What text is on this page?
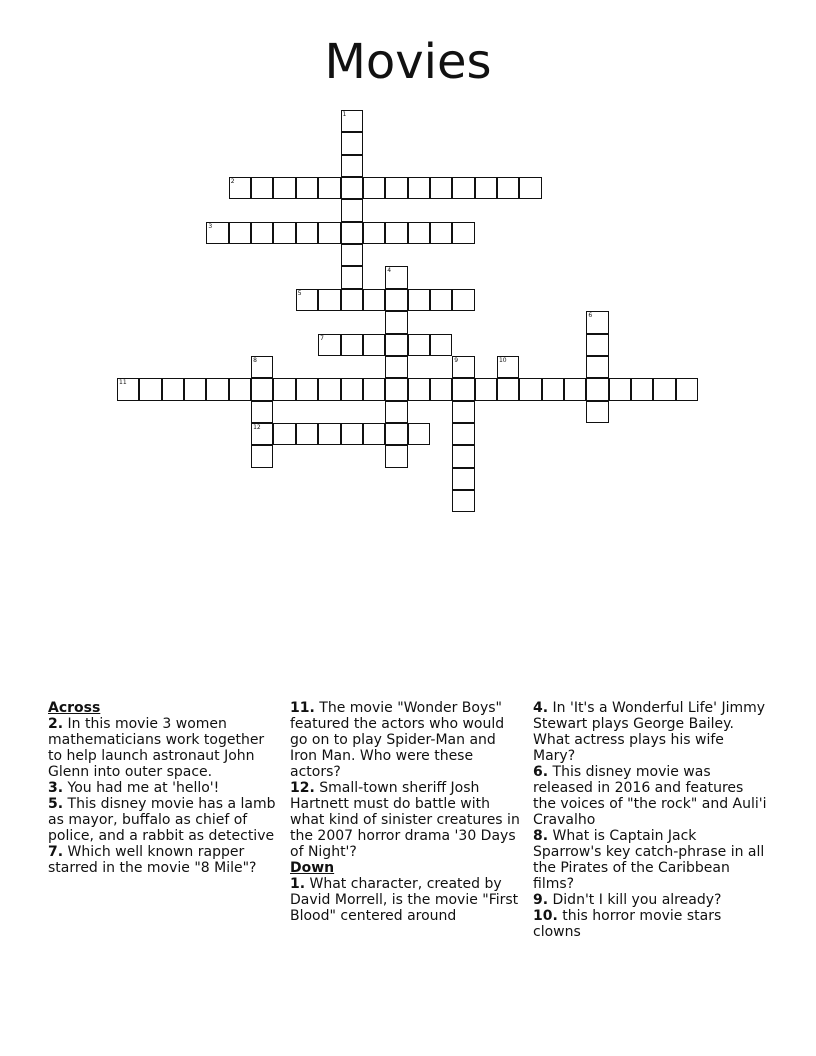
Movies
1
2
3
4
5
6
7
8
12
9	10
11
Across

2. In this movie 3 women mathematicians work together to help launch astronaut John Glenn into outer space.

3. You had me at 'hello'!

5. This disney movie has a lamb as mayor, buffalo as chief of police, and a rabbit as detective

7. Which well known rapper starred in the movie "8 Mile"?

11. The movie "Wonder Boys" featured the actors who would go on to play Spider-Man and Iron Man. Who were these actors?

12. Small-town sheriff Josh Hartnett must do battle with what kind of sinister creatures in the 2007 horror drama '30 Days of Night'?

Down

1. What character, created by David Morrell, is the movie "First Blood" centered around

4. In 'It's a Wonderful Life' Jimmy Stewart plays George Bailey. What actress plays his wife Mary?

6. This disney movie was released in 2016 and features the voices of "the rock" and Auli'i Cravalho

8. What is Captain Jack Sparrow's key catch-phrase in all the Pirates of the Caribbean films?

9. Didn't I kill you already?

10. this horror movie stars clowns
